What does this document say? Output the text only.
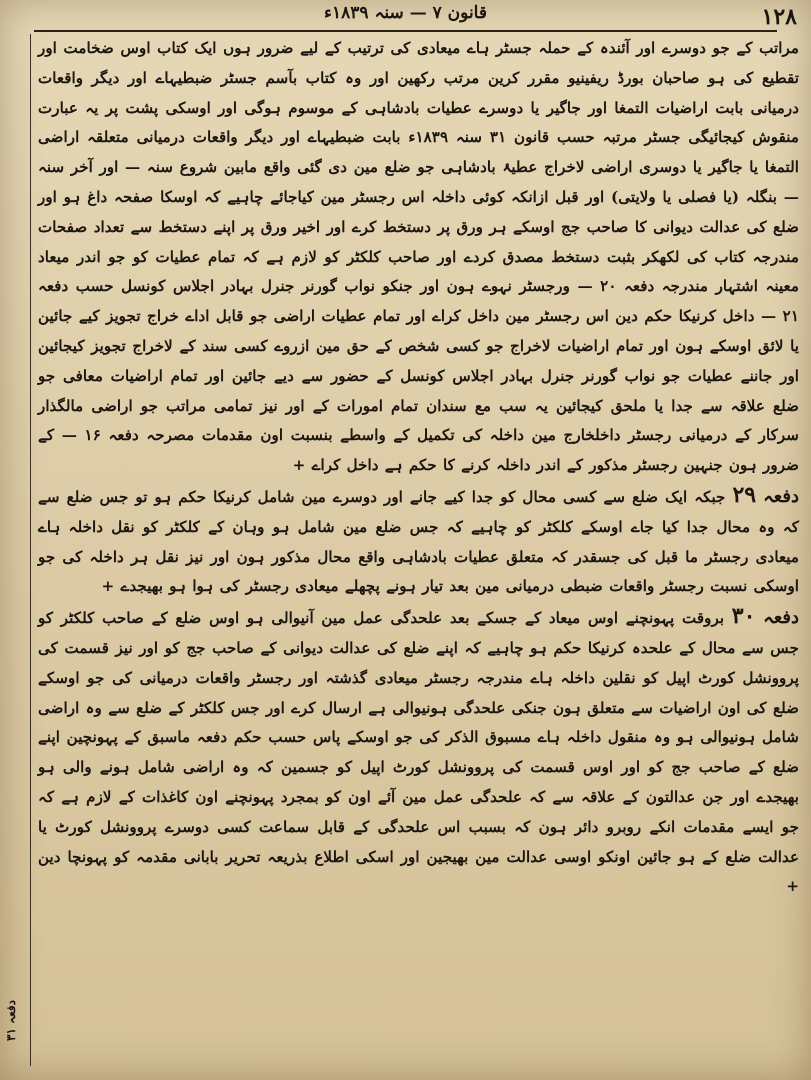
۱۲۸
قانون ۷ — سنہ ۱۸۳۹ء
دفعہ ۳۱

مراتب کے جو دوسرے اور آئندہ کے حملہ جسٹر ہاے میعادی کی ترتیب کے لیے ضرور ہوں ایک کتاب اوس ضخامت اور تقطیع کی ہو صاحبان بورڈ ریفینیو مقرر کرین مرتب رکھین اور وہ کتاب بآسم جسٹر ضبطیہاے اور دیگر واقعات درمیانی بابت اراضیات التمغا اور جاگیر یا دوسرے عطیات بادشاہی کے موسوم ہوگی اور اوسکی پشت پر یہ عبارت منقوش کیجائیگی جسٹر مرتبہ حسب قانون ۳۱ سنہ ۱۸۳۹ء بابت ضبطیہاے اور دیگر واقعات درمیانی متعلقہ اراضی التمغا یا جاگیر یا دوسری اراضی لاخراج عطیۂ بادشاہی جو ضلع مین دی گئی واقع مابین شروع سنہ — اور آخر سنہ — بنگلہ (یا فصلی یا ولایتی) اور قبل ازانکہ کوئی داخلہ اس رجسٹر مین کیاجائے چاہیے کہ اوسکا صفحہ داغ ہو اور ضلع کی عدالت دیوانی کا صاحب جج اوسکے ہر ورق پر دستخط کرے اور اخیر ورق پر اپنے دستخط سے تعداد صفحات مندرجہ کتاب کی لکھکر بثبت دستخط مصدق کردے اور صاحب کلکٹر کو لازم ہے کہ تمام عطیات کو جو اندر میعاد معینہ اشتہار مندرجہ دفعہ ۲۰ — ورجسٹر نہوے ہون اور جنکو نواب گورنر جنرل بہادر اجلاس کونسل حسب دفعہ ۲۱ — داخل کرنیکا حکم دین اس رجسٹر مین داخل کراے اور تمام عطیات اراضی جو قابل اداے خراج تجویز کیے جائین یا لائق اوسکے ہون اور تمام اراضیات لاخراج جو کسی شخص کے حق مین ازروے کسی سند کے لاخراج تجویز کیجائین اور جاننے عطیات جو نواب گورنر جنرل بہادر اجلاس کونسل کے حضور سے دیے جائین اور تمام اراضیات معافی جو ضلع علاقہ سے جدا یا ملحق کیجائین یہ سب مع سندان تمام امورات کے اور نیز تمامی مراتب جو اراضی مالگذار سرکار کے درمیانی رجسٹر داخلخارج مین داخلہ کی تکمیل کے واسطے بنسبت اون مقدمات مصرحہ دفعہ ۱۶ — کے ضرور ہون جنہین رجسٹر مذکور کے اندر داخلہ کرنے کا حکم ہے داخل کراے +

دفعہ ۲۹ جبکہ ایک ضلع سے کسی محال کو جدا کیے جانے اور دوسرے مین شامل کرنیکا حکم ہو تو جس ضلع سے کہ وہ محال جدا کیا جاے اوسکے کلکٹر کو چاہیے کہ جس ضلع مین شامل ہو وہان کے کلکٹر کو نقل داخلہ ہاے میعادی رجسٹر ما قبل کی جسقدر کہ متعلق عطیات بادشاہی واقع محال مذکور ہون اور نیز نقل ہر داخلہ کی جو اوسکی نسبت رجسٹر واقعات ضبطی درمیانی مین بعد تیار ہونے پچھلے میعادی رجسٹر کی ہوا ہو بھیجدے +

دفعہ ۳۰ بروقت پہونچنے اوس میعاد کے جسکے بعد علحدگی عمل مین آنیوالی ہو اوس ضلع کے صاحب کلکٹر کو جس سے محال کے علحدہ کرنیکا حکم ہو چاہیے کہ اپنے ضلع کی عدالت دیوانی کے صاحب جج کو اور نیز قسمت کی پروونشل کورٹ اپیل کو نقلین داخلہ ہاے مندرجہ رجسٹر میعادی گذشتہ اور رجسٹر واقعات درمیانی کی جو اوسکے ضلع کی اون اراضیات سے متعلق ہون جنکی علحدگی ہونیوالی ہے ارسال کرے اور جس کلکٹر کے ضلع سے وہ اراضی شامل ہونیوالی ہو وہ منقول داخلہ ہاے مسبوق الذکر کی جو اوسکے پاس حسب حکم دفعہ ماسبق کے پہونچین اپنے ضلع کے صاحب جج کو اور اوس قسمت کی پروونشل کورٹ اپیل کو جسمین کہ وہ اراضی شامل ہونے والی ہو بھیجدے اور جن عدالتون کے علاقہ سے کہ علحدگی عمل مین آئے اون کو بمجرد پہونچنے اون کاغذات کے لازم ہے کہ جو ایسے مقدمات انکے روبرو دائر ہون کہ بسبب اس علحدگی کے قابل سماعت کسی دوسرے پروونشل کورٹ یا عدالت ضلع کے ہو جائین اونکو اوسی عدالت مین بھیجین اور اسکی اطلاع بذریعہ تحریر بابانی مقدمہ کو پہونچا دین +
